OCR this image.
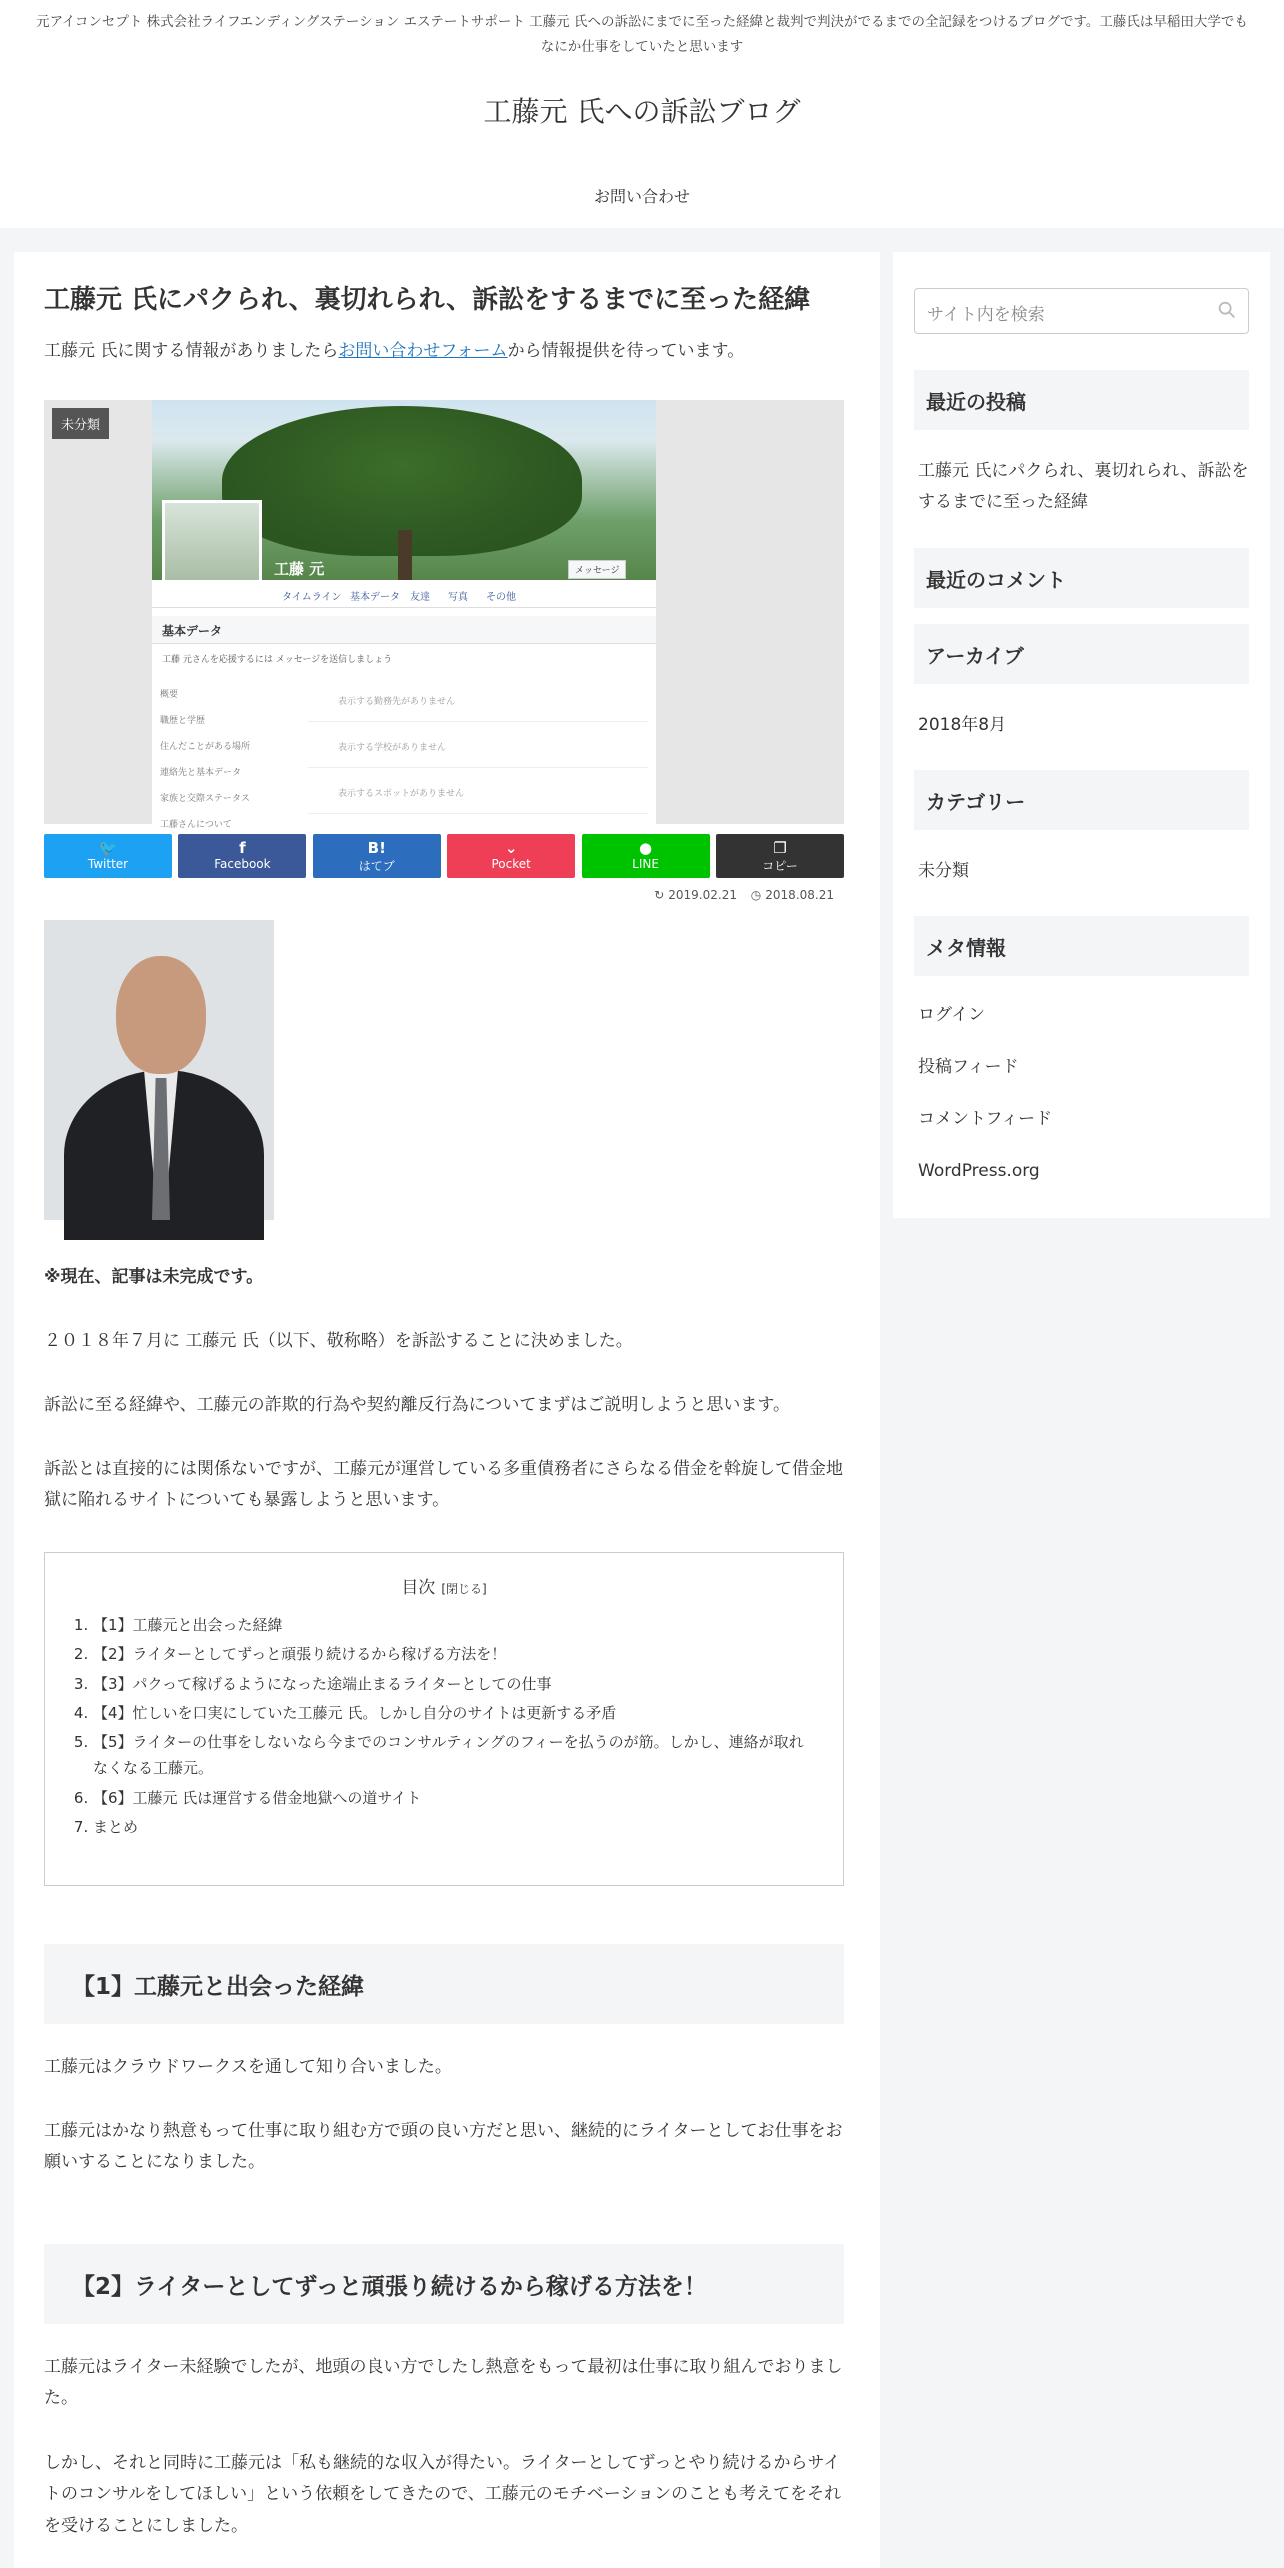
元アイコンセプト 株式会社ライフエンディングステーション エステートサポート 工藤元 氏への訴訟にまでに至った経緯と裁判で判決がでるまでの全記録をつけるブログです。工藤氏は早稲田大学でもなにか仕事をしていたと思います
工藤元 氏への訴訟ブログ
お問い合わせ
工藤元 氏にパクられ、裏切れられ、訴訟をするまでに至った経緯

工藤元 氏に関する情報がありましたらお問い合わせフォームから情報提供を待っています。

工藤 元	メッセージ
タイムライン 基本データ 友達 写真 その他
基本データ
工藤 元さんを応援するには メッセージを送信しましょう
概要
職歴と学歴
住んだことがある場所
連絡先と基本データ
家族と交際ステータス
工藤さんについて
表示する勤務先がありません
表示する学校がありません
表示するスポットがありません
未分類
🐦
Twitter
f
Facebook
B!
はてブ
⌄
Pocket
●
LINE
❐
コピー
↻ 2019.02.21 ◷ 2018.08.21

※現在、記事は未完成です。

２０１８年７月に 工藤元 氏（以下、敬称略）を訴訟することに決めました。

訴訟に至る経緯や、工藤元の詐欺的行為や契約離反行為についてまずはご説明しようと思います。

訴訟とは直接的には関係ないですが、工藤元が運営している多重債務者にさらなる借金を斡旋して借金地獄に陥れるサイトについても暴露しようと思います。

目次 [閉じる]
1. 【1】工藤元と出会った経緯
2. 【2】ライターとしてずっと頑張り続けるから稼げる方法を！
3. 【3】パクって稼げるようになった途端止まるライターとしての仕事
4. 【4】忙しいを口実にしていた工藤元 氏。しかし自分のサイトは更新する矛盾
5. 【5】ライターの仕事をしないなら今までのコンサルティングのフィーを払うのが筋。しかし、連絡が取れなくなる工藤元。
6. 【6】工藤元 氏は運営する借金地獄への道サイト
7. まとめ
【1】工藤元と出会った経緯

工藤元はクラウドワークスを通して知り合いました。

工藤元はかなり熱意もって仕事に取り組む方で頭の良い方だと思い、継続的にライターとしてお仕事をお願いすることになりました。

【2】ライターとしてずっと頑張り続けるから稼げる方法を！

工藤元はライター未経験でしたが、地頭の良い方でしたし熱意をもって最初は仕事に取り組んでおりました。

しかし、それと同時に工藤元は「私も継続的な収入が得たい。ライターとしてずっとやり続けるからサイトのコンサルをしてほしい」という依頼をしてきたので、工藤元のモチベーションのことも考えてをそれを受けることにしました。

サイト内を検索
最近の投稿
工藤元 氏にパクられ、裏切れられ、訴訟をするまでに至った経緯
最近のコメント
アーカイブ
2018年8月
カテゴリー
未分類
メタ情報
ログイン
投稿フィード
コメントフィード
WordPress.org
